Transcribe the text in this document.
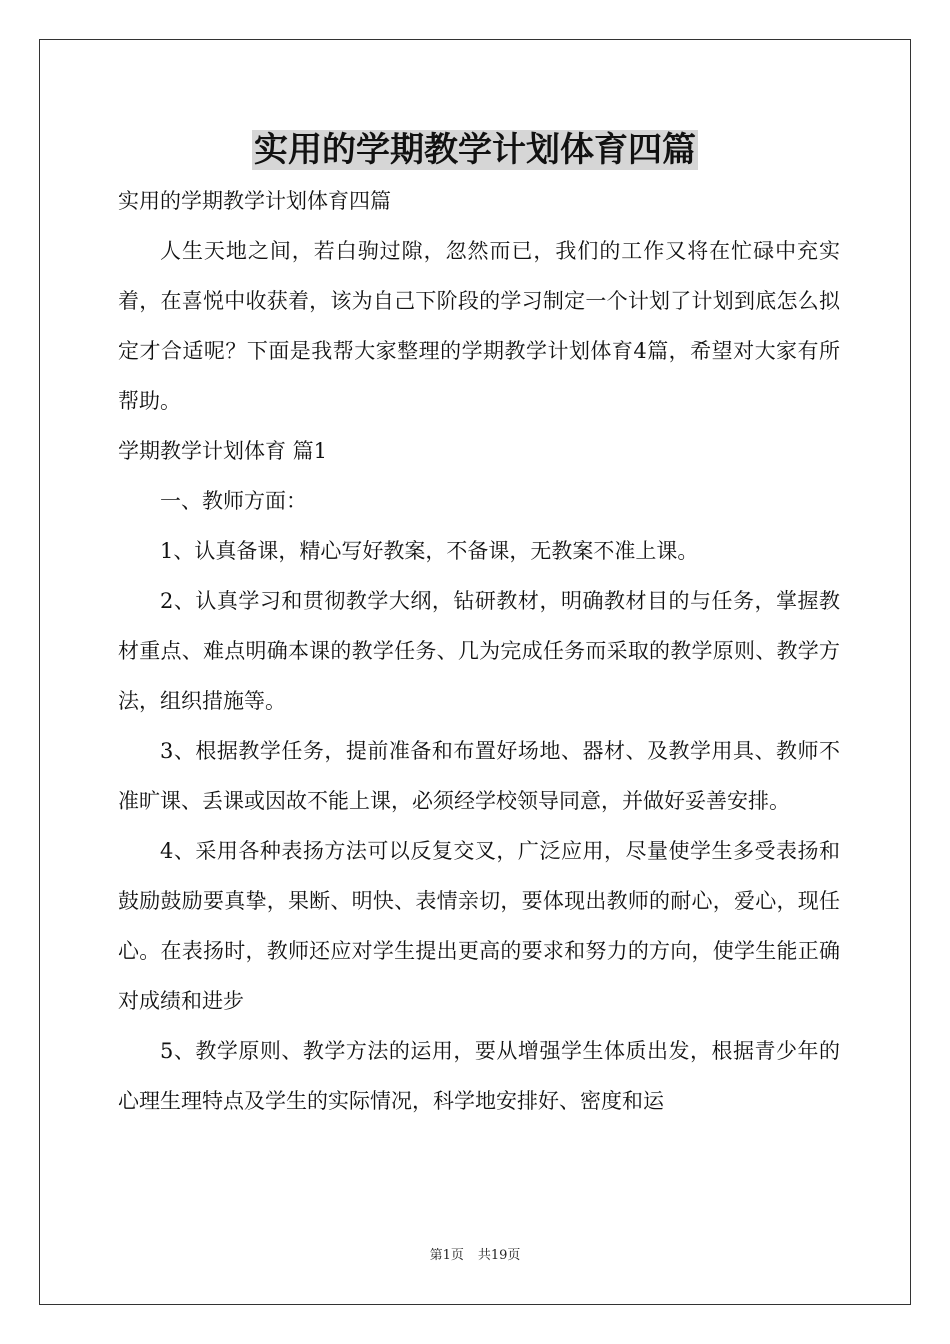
实用的学期教学计划体育四篇

实用的学期教学计划体育四篇

人生天地之间，若白驹过隙，忽然而已，我们的工作又将在忙碌中充实着，在喜悦中收获着，该为自己下阶段的学习制定一个计划了计划到底怎么拟定才合适呢？下面是我帮大家整理的学期教学计划体育4篇，希望对大家有所帮助。

学期教学计划体育 篇1

一、教师方面：

1、认真备课，精心写好教案，不备课，无教案不准上课。

2、认真学习和贯彻教学大纲，钻研教材，明确教材目的与任务，掌握教材重点、难点明确本课的教学任务、几为完成任务而采取的教学原则、教学方法，组织措施等。

3、根据教学任务，提前准备和布置好场地、器材、及教学用具、教师不准旷课、丢课或因故不能上课，必须经学校领导同意，并做好妥善安排。

4、采用各种表扬方法可以反复交叉，广泛应用，尽量使学生多受表扬和鼓励鼓励要真挚，果断、明快、表情亲切，要体现出教师的耐心，爱心，现任心。在表扬时，教师还应对学生提出更高的要求和努力的方向，使学生能正确对成绩和进步

5、教学原则、教学方法的运用，要从增强学生体质出发，根据青少年的心理生理特点及学生的实际情况，科学地安排好、密度和运

第1页 共19页
